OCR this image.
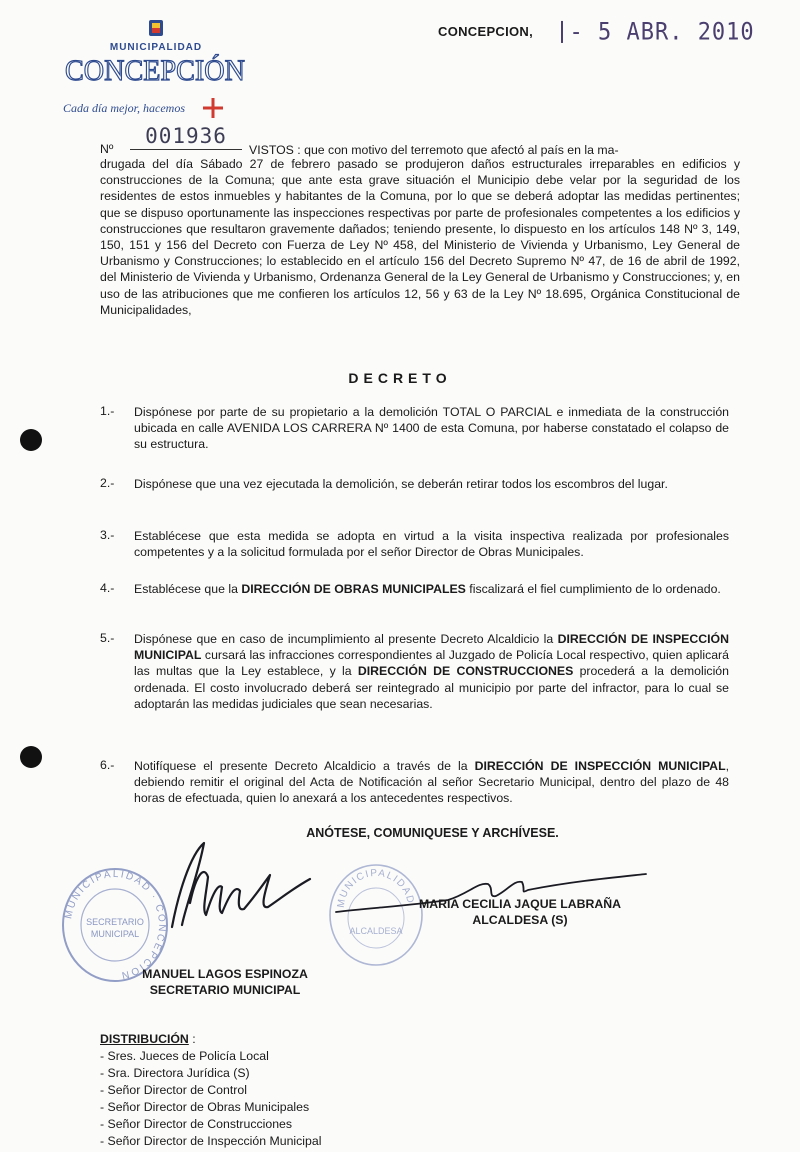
MUNICIPALIDAD
CONCEPCIÓN
Cada día mejor, hacemos
CONCEPCION, - 5 ABR. 2010
Nº
001936
VISTOS : que con motivo del terremoto que afectó al país en la ma-
drugada del día Sábado 27 de febrero pasado se produjeron daños estructurales irreparables en edificios y construcciones de la Comuna; que ante esta grave situación el Municipio debe velar por la seguridad de los residentes de estos inmuebles y habitantes de la Comuna, por lo que se deberá adoptar las medidas pertinentes; que se dispuso oportunamente las inspecciones respectivas por parte de profesionales competentes a los edificios y construcciones que resultaron gravemente dañados; teniendo presente, lo dispuesto en los artículos 148 Nº 3, 149, 150, 151 y 156 del Decreto con Fuerza de Ley Nº 458, del Ministerio de Vivienda y Urbanismo, Ley General de Urbanismo y Construcciones; lo establecido en el artículo 156 del Decreto Supremo Nº 47, de 16 de abril de 1992, del Ministerio de Vivienda y Urbanismo, Ordenanza General de la Ley General de Urbanismo y Construcciones; y, en uso de las atribuciones que me confieren los artículos 12, 56 y 63 de la Ley Nº 18.695, Orgánica Constitucional de Municipalidades,
DECRETO
1.- Dispónese por parte de su propietario a la demolición TOTAL O PARCIAL e inmediata de la construcción ubicada en calle AVENIDA LOS CARRERA Nº 1400 de esta Comuna, por haberse constatado el colapso de su estructura.
2.- Dispónese que una vez ejecutada la demolición, se deberán retirar todos los escombros del lugar.
3.- Establécese que esta medida se adopta en virtud a la visita inspectiva realizada por profesionales competentes y a la solicitud formulada por el señor Director de Obras Municipales.
4.- Establécese que la DIRECCIÓN DE OBRAS MUNICIPALES fiscalizará el fiel cumplimiento de lo ordenado.
5.- Dispónese que en caso de incumplimiento al presente Decreto Alcaldicio la DIRECCIÓN DE INSPECCIÓN MUNICIPAL cursará las infracciones correspondientes al Juzgado de Policía Local respectivo, quien aplicará las multas que la Ley establece, y la DIRECCIÓN DE CONSTRUCCIONES procederá a la demolición ordenada. El costo involucrado deberá ser reintegrado al municipio por parte del infractor, para lo cual se adoptarán las medidas judiciales que sean necesarias.
6.- Notifíquese el presente Decreto Alcaldicio a través de la DIRECCIÓN DE INSPECCIÓN MUNICIPAL, debiendo remitir el original del Acta de Notificación al señor Secretario Municipal, dentro del plazo de 48 horas de efectuada, quien lo anexará a los antecedentes respectivos.
ANÓTESE, COMUNIQUESE Y ARCHÍVESE.
MUNICIPALIDAD · CONCEPCION
SECRETARIO
MUNICIPAL
MUNICIPALIDAD
ALCALDESA
MARIA CECILIA JAQUE LABRAÑA
ALCALDESA (S)
MANUEL LAGOS ESPINOZA
SECRETARIO MUNICIPAL
DISTRIBUCIÓN :
- Sres. Jueces de Policía Local
- Sra. Directora Jurídica (S)
- Señor Director de Control
- Señor Director de Obras Municipales
- Señor Director de Construcciones
- Señor Director de Inspección Municipal
